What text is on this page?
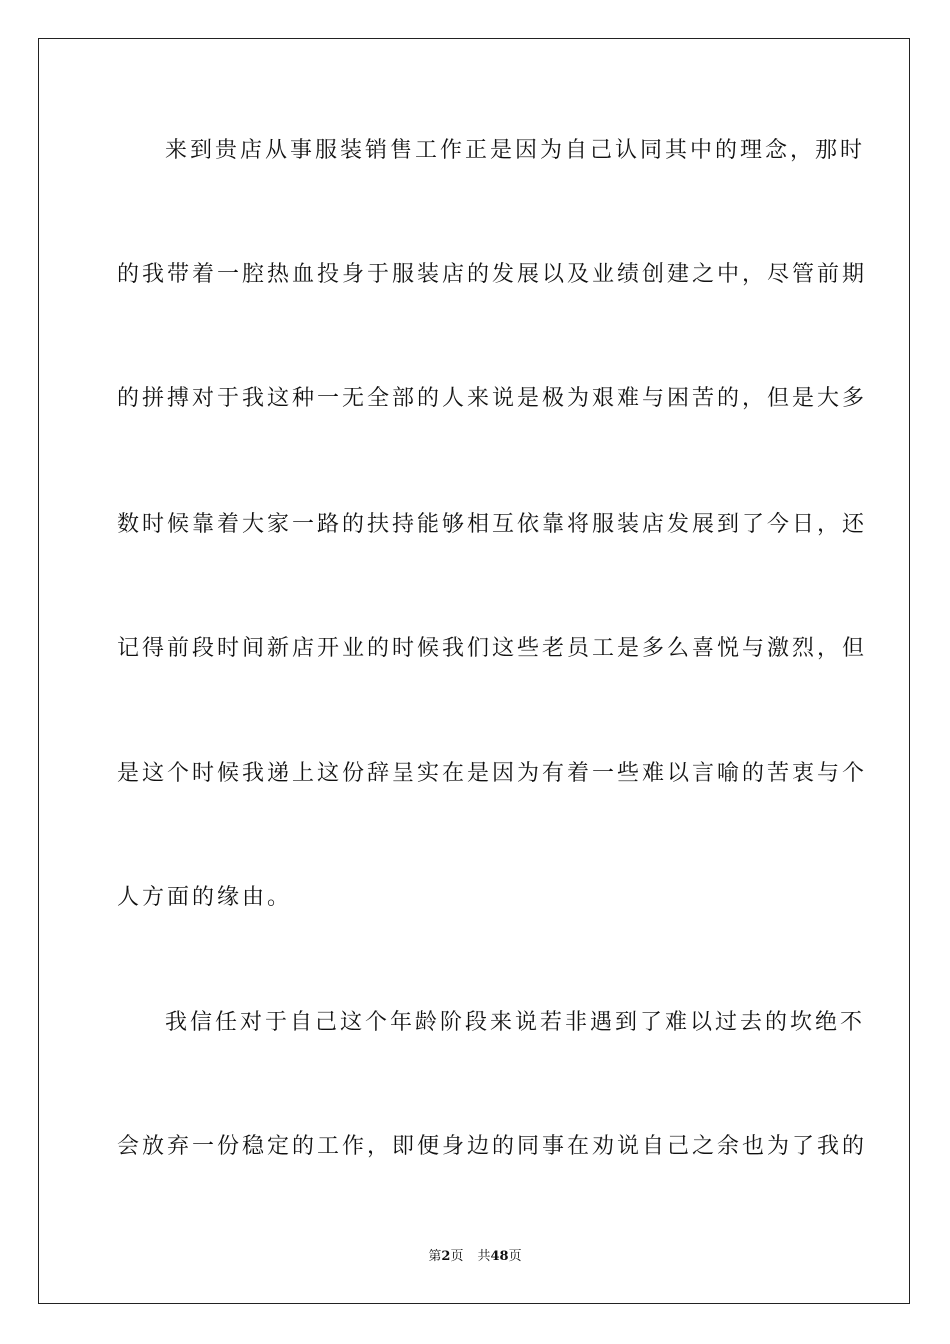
来到贵店从事服装销售工作正是因为自己认同其中的理念，那时
的我带着一腔热血投身于服装店的发展以及业绩创建之中，尽管前期
的拼搏对于我这种一无全部的人来说是极为艰难与困苦的，但是大多
数时候靠着大家一路的扶持能够相互依靠将服装店发展到了今日，还
记得前段时间新店开业的时候我们这些老员工是多么喜悦与激烈，但
是这个时候我递上这份辞呈实在是因为有着一些难以言喻的苦衷与个
人方面的缘由。
我信任对于自己这个年龄阶段来说若非遇到了难以过去的坎绝不
会放弃一份稳定的工作，即便身边的同事在劝说自己之余也为了我的
第2页 共48页
